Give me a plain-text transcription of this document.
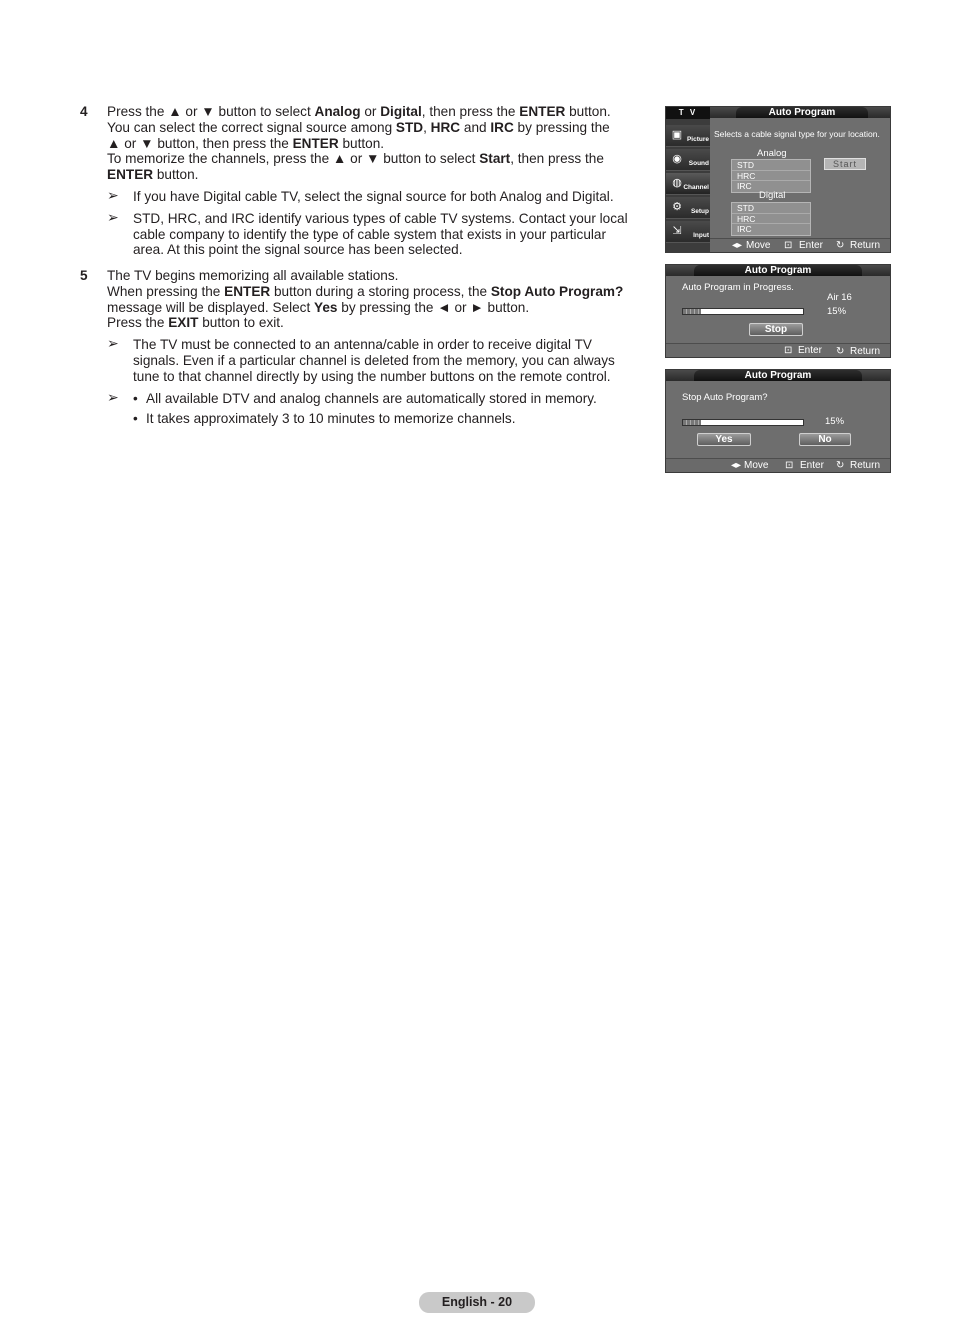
4 Press the ▲ or ▼ button to select Analog or Digital, then press the ENTER button.
You can select the correct signal source among STD, HRC and IRC by pressing the
▲ or ▼ button, then press the ENTER button.
To memorize the channels, press the ▲ or ▼ button to select Start, then press the
ENTER button.
➢ If you have Digital cable TV, select the signal source for both Analog and Digital.
➢ STD, HRC, and IRC identify various types of cable TV systems. Contact your local cable company to identify the type of cable system that exists in your particular area. At this point the signal source has been selected.
5 The TV begins memorizing all available stations.
When pressing the ENTER button during a storing process, the Stop Auto Program?
message will be displayed. Select Yes by pressing the ◄ or ► button.
Press the EXIT button to exit.
➢ The TV must be connected to an antenna/cable in order to receive digital TV signals. Even if a particular channel is deleted from the memory, you can always tune to that channel directly by using the number buttons on the remote control.
➢ • All available DTV and analog channels are automatically stored in memory.
• It takes approximately 3 to 10 minutes to memorize channels.
T V
▣ Picture
◉	Sound
◍ Channel
⚙	Setup
⇲	Input
Auto Program
Selects a cable signal type for your location.
Analog
STD
HRC
IRC
Digital
STD
HRC
IRC
Start
◂▸ Move ⊡ Enter ↻ Return
Auto Program
Auto Program in Progress.
Air 16
15%
Stop
⊡ Enter ↻ Return
Auto Program
Stop Auto Program?
15%
Yes	No
◂▸ Move ⊡ Enter ↻ Return
English - 20
